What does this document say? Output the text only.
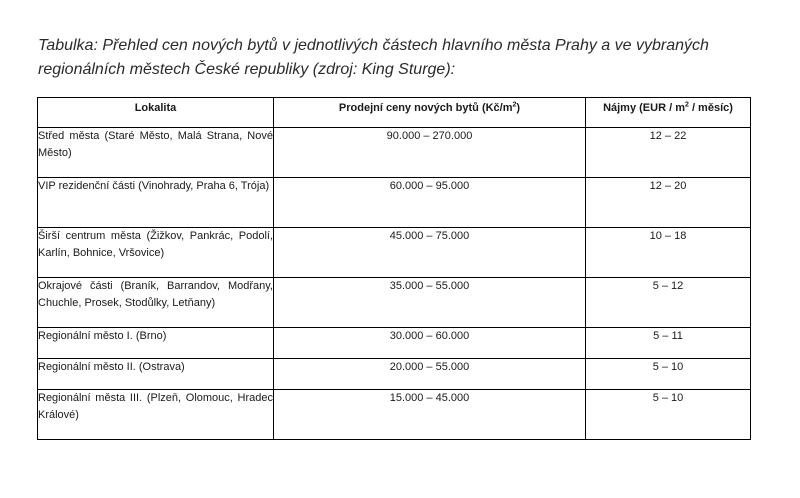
Tabulka: Přehled cen nových bytů v jednotlivých částech hlavního města Prahy a ve vybraných regionálních městech České republiky (zdroj: King Sturge):
Lokalita	Prodejní ceny nových bytů $(Kč/m^2)$	Nájmy ($EUR / m^2$ / měsíc)
Střed města (Staré Město, Malá Strana, Nové Město)	90.000 – 270.000	12 – 22
VIP rezidenční části (Vinohrady, Praha 6, Trója)	60.000 – 95.000	12 – 20
Širší centrum města (Žižkov, Pankrác, Podolí, Karlín, Bohnice, Vršovice)	45.000 – 75.000	10 – 18
Okrajové části (Braník, Barrandov, Modřany, Chuchle, Prosek, Stodůlky, Letňany)	35.000 – 55.000	5 – 12
Regionální město I. (Brno)	30.000 – 60.000	5 – 11
Regionální město II. (Ostrava)	20.000 – 55.000	5 – 10
Regionální města III. (Plzeň, Olomouc, Hradec Králové)	15.000 – 45.000	5 – 10
